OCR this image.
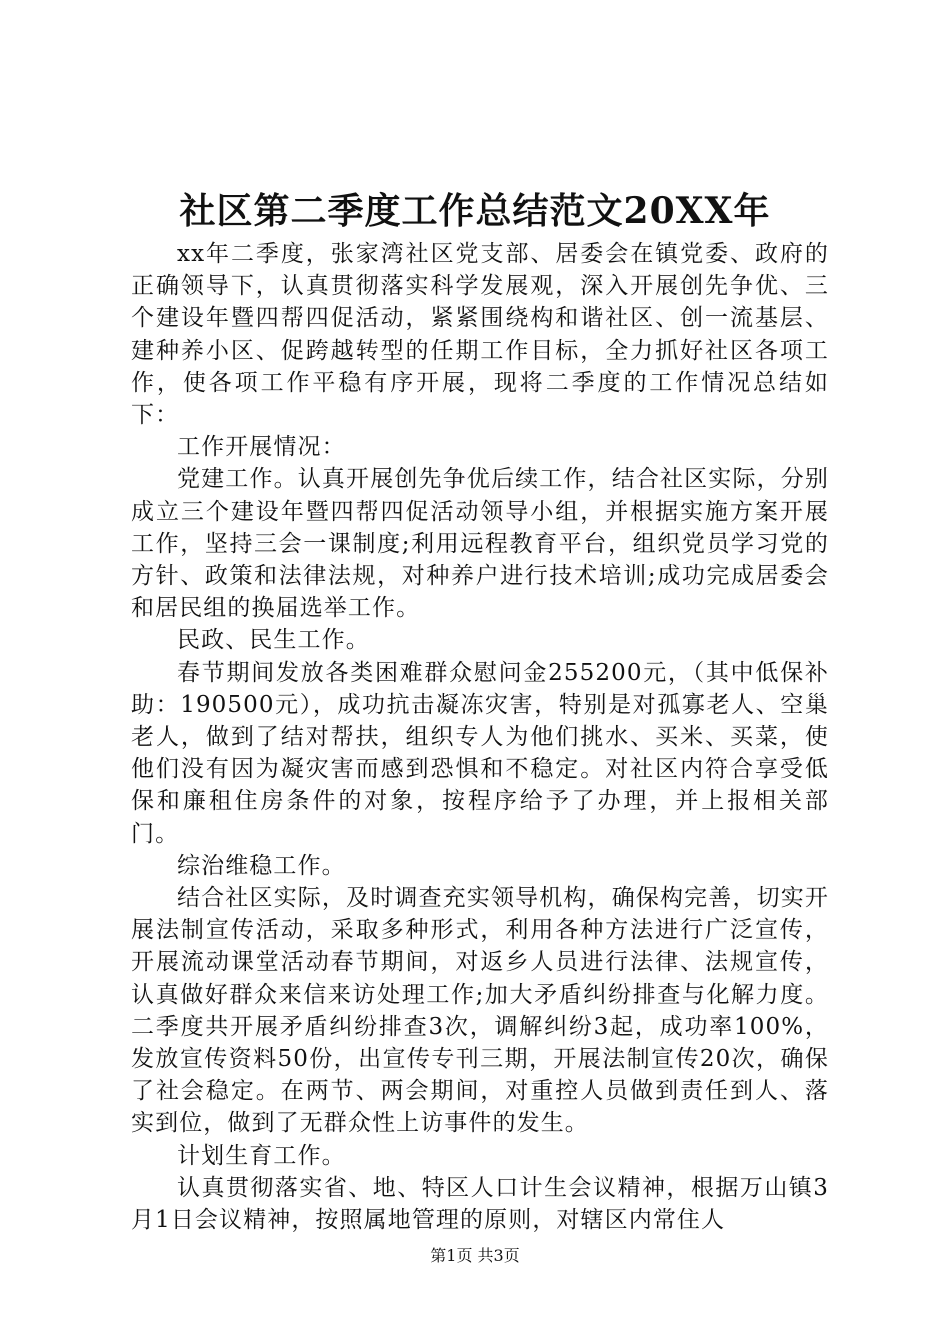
社区第二季度工作总结范文20XX年

xx年二季度，张家湾社区党支部、居委会在镇党委、政府的正确领导下，认真贯彻落实科学发展观，深入开展创先争优、三个建设年暨四帮四促活动，紧紧围绕构和谐社区、创一流基层、建种养小区、促跨越转型的任期工作目标，全力抓好社区各项工作，使各项工作平稳有序开展，现将二季度的工作情况总结如下：

工作开展情况：

党建工作。认真开展创先争优后续工作，结合社区实际，分别成立三个建设年暨四帮四促活动领导小组，并根据实施方案开展工作，坚持三会一课制度;利用远程教育平台，组织党员学习党的方针、政策和法律法规，对种养户进行技术培训;成功完成居委会和居民组的换届选举工作。

民政、民生工作。

春节期间发放各类困难群众慰问金255200元，（其中低保补助：190500元），成功抗击凝冻灾害，特别是对孤寡老人、空巢老人，做到了结对帮扶，组织专人为他们挑水、买米、买菜，使他们没有因为凝灾害而感到恐惧和不稳定。对社区内符合享受低保和廉租住房条件的对象，按程序给予了办理，并上报相关部门。

综治维稳工作。

结合社区实际，及时调查充实领导机构，确保构完善，切实开展法制宣传活动，采取多种形式，利用各种方法进行广泛宣传，开展流动课堂活动春节期间，对返乡人员进行法律、法规宣传，认真做好群众来信来访处理工作;加大矛盾纠纷排查与化解力度。二季度共开展矛盾纠纷排查3次，调解纠纷3起，成功率100%，发放宣传资料50份，出宣传专刊三期，开展法制宣传20次，确保了社会稳定。在两节、两会期间，对重控人员做到责任到人、落实到位，做到了无群众性上访事件的发生。

计划生育工作。

认真贯彻落实省、地、特区人口计生会议精神，根据万山镇3月1日会议精神，按照属地管理的原则，对辖区内常住人

第1页 共3页
